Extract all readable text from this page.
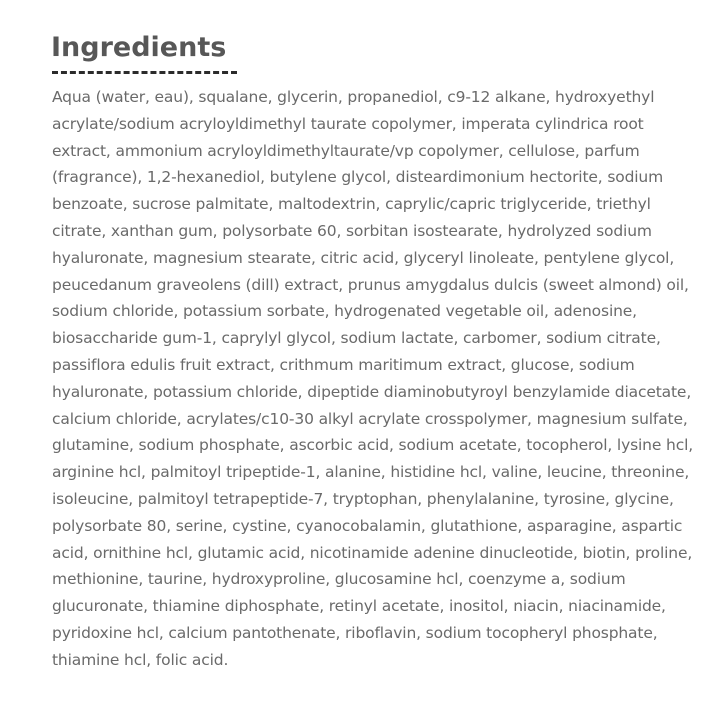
Ingredients

Aqua (water, eau), squalane, glycerin, propanediol, c9-12 alkane, hydroxyethyl acrylate/sodium acryloyldimethyl taurate copolymer, imperata cylindrica root extract, ammonium acryloyldimethyltaurate/vp copolymer, cellulose, parfum (fragrance), 1,2-hexanediol, butylene glycol, disteardimonium hectorite, sodium benzoate, sucrose palmitate, maltodextrin, caprylic/capric triglyceride, triethyl citrate, xanthan gum, polysorbate 60, sorbitan isostearate, hydrolyzed sodium hyaluronate, magnesium stearate, citric acid, glyceryl linoleate, pentylene glycol, peucedanum graveolens (dill) extract, prunus amygdalus dulcis (sweet almond) oil, sodium chloride, potassium sorbate, hydrogenated vegetable oil, adenosine, biosaccharide gum-1, caprylyl glycol, sodium lactate, carbomer, sodium citrate, passiflora edulis fruit extract, crithmum maritimum extract, glucose, sodium hyaluronate, potassium chloride, dipeptide diaminobutyroyl benzylamide diacetate, calcium chloride, acrylates/c10-30 alkyl acrylate crosspolymer, magnesium sulfate, glutamine, sodium phosphate, ascorbic acid, sodium acetate, tocopherol, lysine hcl, arginine hcl, palmitoyl tripeptide-1, alanine, histidine hcl, valine, leucine, threonine, isoleucine, palmitoyl tetrapeptide-7, tryptophan, phenylalanine, tyrosine, glycine, polysorbate 80, serine, cystine, cyanocobalamin, glutathione, asparagine, aspartic acid, ornithine hcl, glutamic acid, nicotinamide adenine dinucleotide, biotin, proline, methionine, taurine, hydroxyproline, glucosamine hcl, coenzyme a, sodium glucuronate, thiamine diphosphate, retinyl acetate, inositol, niacin, niacinamide, pyridoxine hcl, calcium pantothenate, riboflavin, sodium tocopheryl phosphate, thiamine hcl, folic acid.
